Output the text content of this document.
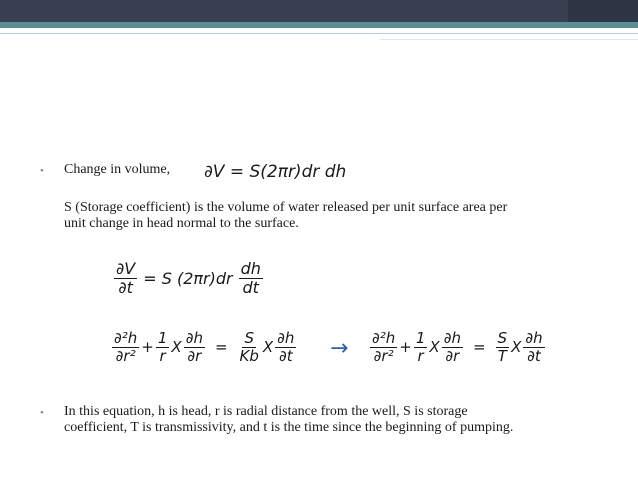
• Change in volume, ∂V = S(2πr)dr dh
S (Storage coefficient) is the volume of water released per unit surface area per
unit change in head normal to the surface.
$\frac{\partial V}{\partial t} = S$ $(2\pi r)dr \frac{dh}{dt}$
$\frac{\text{∂²h}}{\text{∂r²}} + \frac{1}{r}$ X $\frac{\partial h}{\partial r} = \frac{S}{Kb}$ X $\frac{\partial h}{\partial t} \to \frac{\text{∂²h}}{\text{∂r²}} + \frac{1}{r}$ X $\frac{\partial h}{\partial r} = \frac{S}{T}$ X $\frac{\partial h}{\partial t}$
• In this equation, h is head, r is radial distance from the well, S is storage
coefficient, T is transmissivity, and t is the time since the beginning of pumping.
